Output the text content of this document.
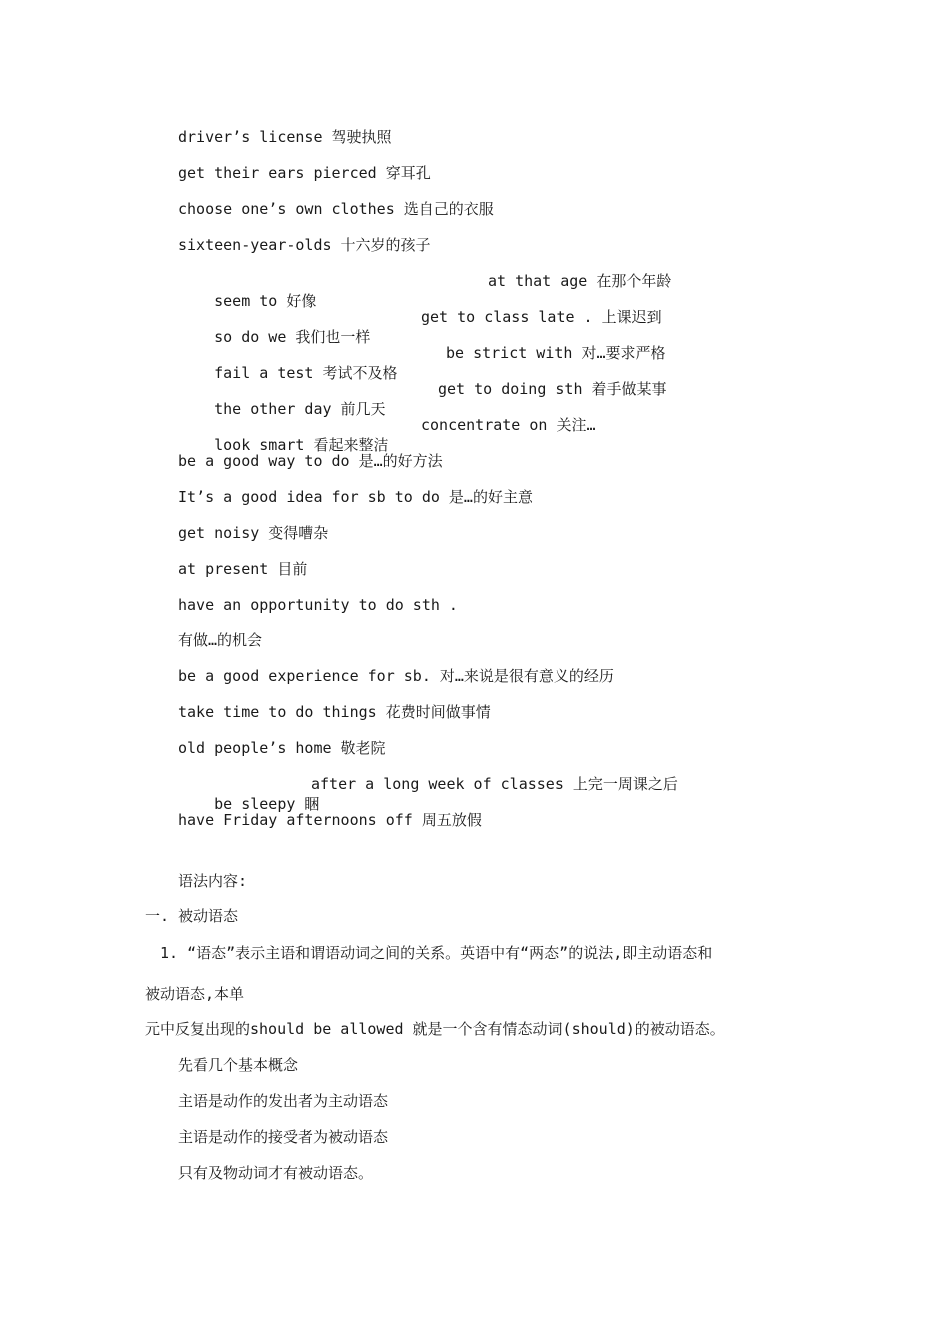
driver’s license 驾驶执照
get their ears pierced 穿耳孔
choose one’s own clothes 选自己的衣服
sixteen-year-olds 十六岁的孩子

seem to 好像

at that age 在那个年龄

so do we 我们也一样

get to class late . 上课迟到

fail a test 考试不及格

be strict with 对…要求严格

the other day 前几天

get to doing sth 着手做某事

look smart 看起来整洁

concentrate on 关注…

be a good way to do 是…的好方法
It’s a good idea for sb to do 是…的好主意
get noisy 变得嘈杂
at present 目前
have an opportunity to do sth .
有做…的机会
be a good experience for sb. 对…来说是很有意义的经历
take time to do things 花费时间做事情
old people’s home 敬老院

be sleepy 睏

after a long week of classes 上完一周课之后

have Friday afternoons off 周五放假
语法内容:
一. 被动语态
1. “语态”表示主语和谓语动词之间的关系。英语中有“两态”的说法,即主动语态和
被动语态,本单
元中反复出现的should be allowed 就是一个含有情态动词(should)的被动语态。
先看几个基本概念
主语是动作的发出者为主动语态
主语是动作的接受者为被动语态
只有及物动词才有被动语态。
